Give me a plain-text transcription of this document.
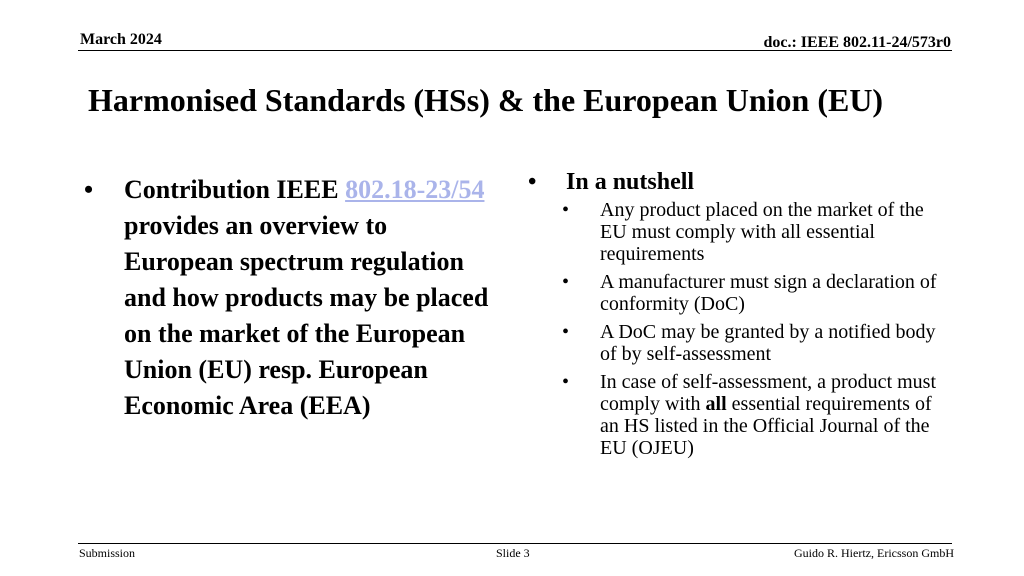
March 2024	doc.: IEEE 802.11-24/573r0
Harmonised Standards (HSs) & the European Union (EU)
•	Contribution IEEE 802.18-23/54 provides an overview to European spectrum regulation and how products may be placed on the market of the European Union (EU) resp. European Economic Area (EEA)
•	In a nutshell
•	Any product placed on the market of the EU must comply with all essential requirements
•	A manufacturer must sign a declaration of conformity (DoC)
•	A DoC may be granted by a notified body of by self-assessment
•	In case of self-assessment, a product must comply with all essential requirements of an HS listed in the Official Journal of the EU (OJEU)
Submission	Slide 3	Guido R. Hiertz, Ericsson GmbH
